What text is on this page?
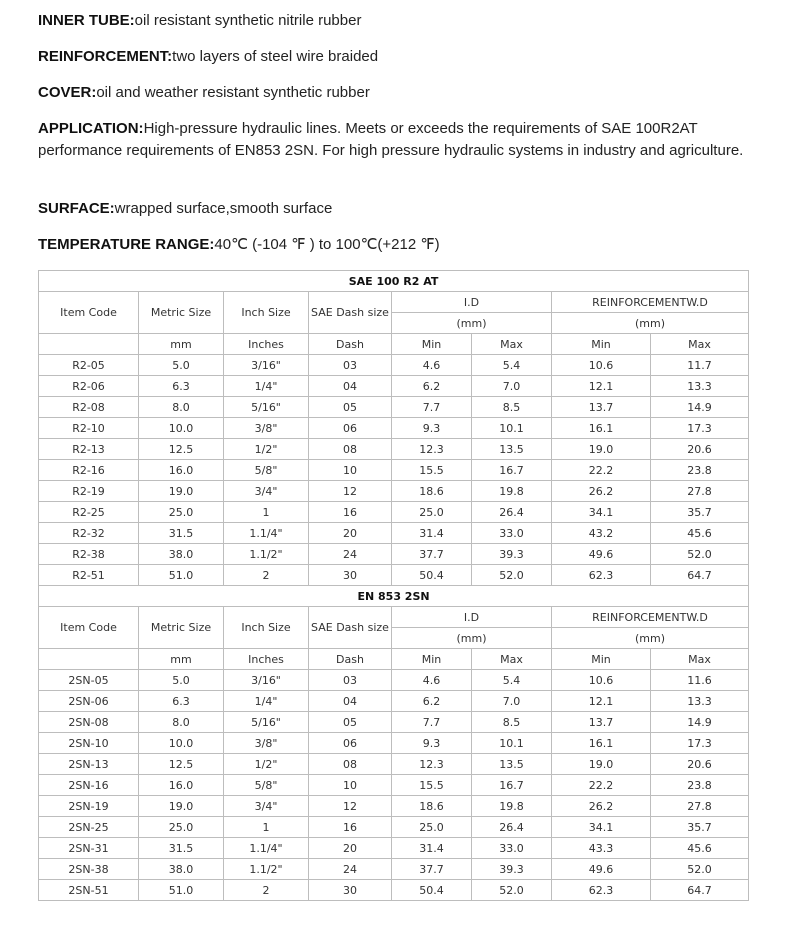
INNER TUBE:oil resistant synthetic nitrile rubber
REINFORCEMENT:two layers of steel wire braided
COVER:oil and weather resistant synthetic rubber
APPLICATION:High-pressure hydraulic lines. Meets or exceeds the requirements of SAE 100R2AT performance requirements of EN853 2SN. For high pressure hydraulic systems in industry and agriculture.
SURFACE:wrapped surface,smooth surface
TEMPERATURE RANGE:40℃ (-104 ℉ ) to 100℃(+212 ℉)
SAE 100 R2 AT							
Item Code	Metric Size	Inch Size	SAE Dash size	I.D		REINFORCEMENTW.D	
				(mm)		(mm)	
	mm	Inches	Dash	Min	Max	Min	Max
R2-05	5.0	3/16"	03	4.6	5.4	10.6	11.7
R2-06	6.3	1/4"	04	6.2	7.0	12.1	13.3
R2-08	8.0	5/16"	05	7.7	8.5	13.7	14.9
R2-10	10.0	3/8"	06	9.3	10.1	16.1	17.3
R2-13	12.5	1/2"	08	12.3	13.5	19.0	20.6
R2-16	16.0	5/8"	10	15.5	16.7	22.2	23.8
R2-19	19.0	3/4"	12	18.6	19.8	26.2	27.8
R2-25	25.0	1	16	25.0	26.4	34.1	35.7
R2-32	31.5	1.1/4"	20	31.4	33.0	43.2	45.6
R2-38	38.0	1.1/2"	24	37.7	39.3	49.6	52.0
R2-51	51.0	2	30	50.4	52.0	62.3	64.7
EN 853 2SN							
Item Code	Metric Size	Inch Size	SAE Dash size	I.D		REINFORCEMENTW.D	
				(mm)		(mm)	
	mm	Inches	Dash	Min	Max	Min	Max
2SN-05	5.0	3/16"	03	4.6	5.4	10.6	11.6
2SN-06	6.3	1/4"	04	6.2	7.0	12.1	13.3
2SN-08	8.0	5/16"	05	7.7	8.5	13.7	14.9
2SN-10	10.0	3/8"	06	9.3	10.1	16.1	17.3
2SN-13	12.5	1/2"	08	12.3	13.5	19.0	20.6
2SN-16	16.0	5/8"	10	15.5	16.7	22.2	23.8
2SN-19	19.0	3/4"	12	18.6	19.8	26.2	27.8
2SN-25	25.0	1	16	25.0	26.4	34.1	35.7
2SN-31	31.5	1.1/4"	20	31.4	33.0	43.3	45.6
2SN-38	38.0	1.1/2"	24	37.7	39.3	49.6	52.0
2SN-51	51.0	2	30	50.4	52.0	62.3	64.7
